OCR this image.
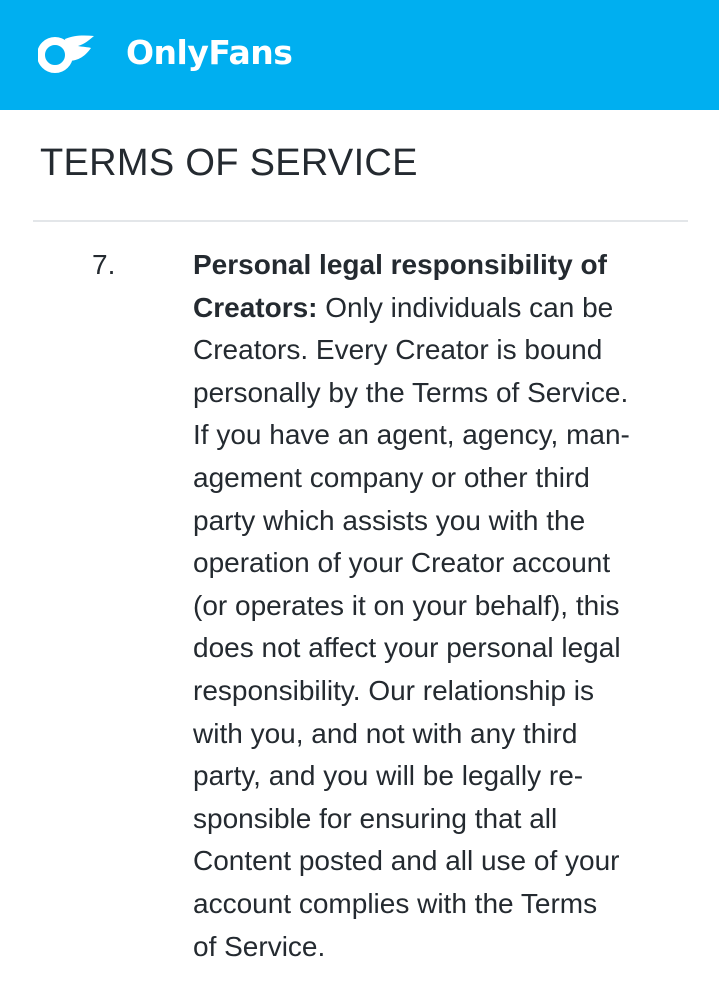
OnlyFans
TERMS OF SERVICE
7.	Personal legal responsibility of
Creators: Only individuals can be
Creators. Every Creator is bound
personally by the Terms of Service.
If you have an agent, agency, man-
agement company or other third
party which assists you with the
operation of your Creator account
(or operates it on your behalf), this
does not affect your personal legal
responsibility. Our relationship is
with you, and not with any third
party, and you will be legally re-
sponsible for ensuring that all
Content posted and all use of your
account complies with the Terms
of Service.
